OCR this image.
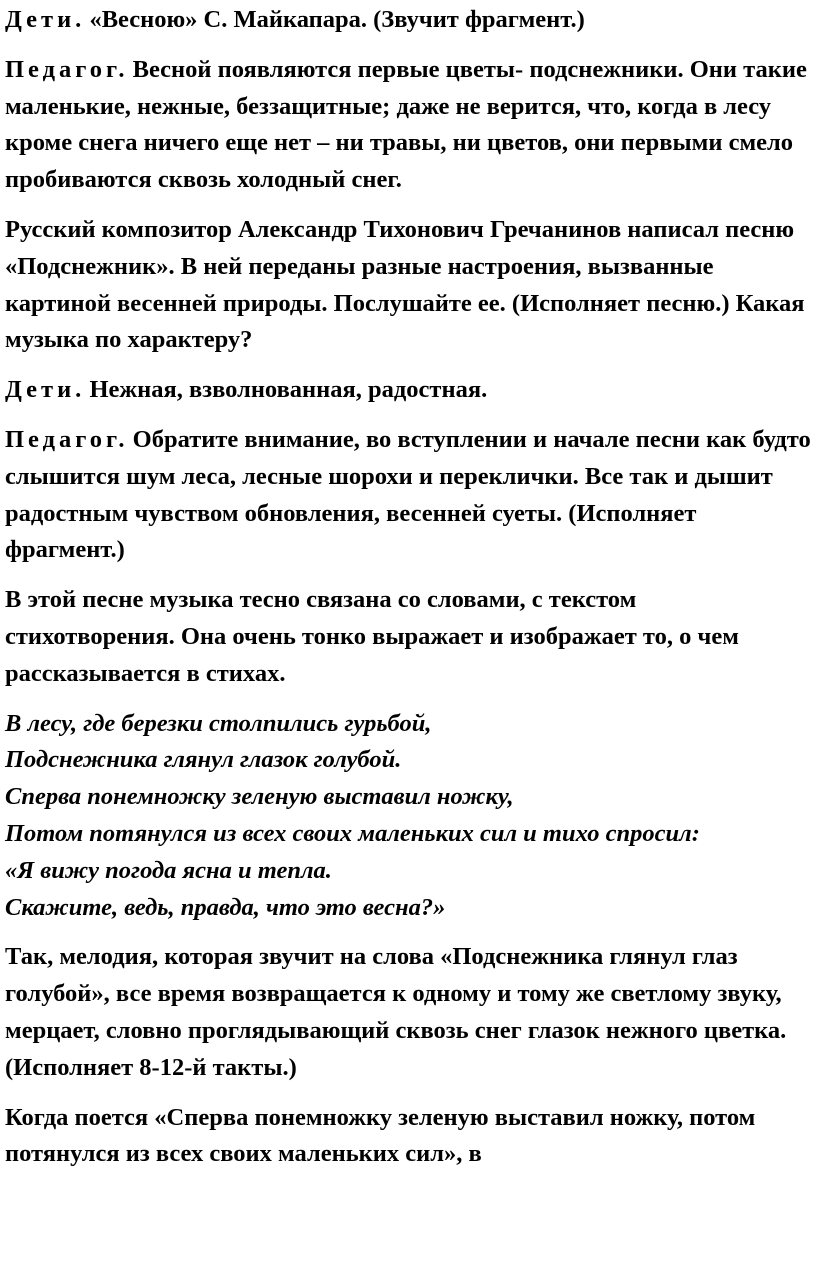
Дети. «Весною» С. Майкапара. (Звучит фрагмент.)

Педагог. Весной появляются первые цветы- подснежники. Они такие маленькие, нежные, беззащитные; даже не верится, что, когда в лесу кроме снега ничего еще нет – ни травы, ни цветов, они первыми смело пробиваются сквозь холодный снег.

Русский композитор Александр Тихонович Гречанинов написал песню «Подснежник». В ней переданы разные настроения, вызванные картиной весенней природы. Послушайте ее. (Исполняет песню.) Какая музыка по характеру?

Дети. Нежная, взволнованная, радостная.

Педагог. Обратите внимание, во вступлении и начале песни как будто слышится шум леса, лесные шорохи и переклички. Все так и дышит радостным чувством обновления, весенней суеты. (Исполняет фрагмент.)

В этой песне музыка тесно связана со словами, с текстом стихотворения. Она очень тонко выражает и изображает то, о чем рассказывается в стихах.

В лесу, где березки столпились гурьбой,
Подснежника глянул глазок голубой.
Сперва понемножку зеленую выставил ножку,
Потом потянулся из всех своих маленьких сил и тихо спросил:
«Я вижу погода ясна и тепла.
Скажите, ведь, правда, что это весна?»

Так, мелодия, которая звучит на слова «Подснежника глянул глаз голубой», все время возвращается к одному и тому же светлому звуку, мерцает, словно проглядывающий сквозь снег глазок нежного цветка. (Исполняет 8-12-й такты.)

Когда поется «Сперва понемножку зеленую выставил ножку, потом потянулся из всех своих маленьких сил», в
